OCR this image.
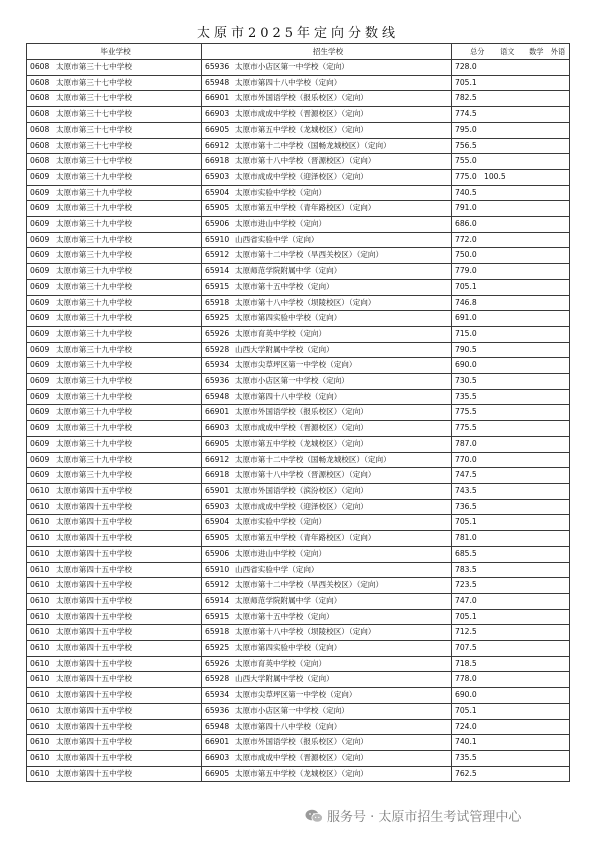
太原市2025年定向分数线
毕业学校	招生学校	总分 语文 数学 外语
0608 太原市第三十七中学校	65936 太原市小店区第一中学校（定向）	728.0
0608 太原市第三十七中学校	65948 太原市第四十八中学校（定向）	705.1
0608 太原市第三十七中学校	66901 太原市外国语学校（报乐校区）（定向）	782.5
0608 太原市第三十七中学校	66903 太原市成成中学校（晋源校区）（定向）	774.5
0608 太原市第三十七中学校	66905 太原市第五中学校（龙城校区）（定向）	795.0
0608 太原市第三十七中学校	66912 太原市第十二中学校（国畅龙城校区）（定向）	756.5
0608 太原市第三十七中学校	66918 太原市第十八中学校（晋源校区）（定向）	755.0
0609 太原市第三十九中学校	65903 太原市成成中学校（迎泽校区）（定向）	775.0 100.5
0609 太原市第三十九中学校	65904 太原市实验中学校（定向）	740.5
0609 太原市第三十九中学校	65905 太原市第五中学校（青年路校区）（定向）	791.0
0609 太原市第三十九中学校	65906 太原市进山中学校（定向）	686.0
0609 太原市第三十九中学校	65910 山西省实验中学（定向）	772.0
0609 太原市第三十九中学校	65912 太原市第十二中学校（旱西关校区）（定向）	750.0
0609 太原市第三十九中学校	65914 太原师范学院附属中学（定向）	779.0
0609 太原市第三十九中学校	65915 太原市第十五中学校（定向）	705.1
0609 太原市第三十九中学校	65918 太原市第十八中学校（坝陵校区）（定向）	746.8
0609 太原市第三十九中学校	65925 太原市第四实验中学校（定向）	691.0
0609 太原市第三十九中学校	65926 太原市育英中学校（定向）	715.0
0609 太原市第三十九中学校	65928 山西大学附属中学校（定向）	790.5
0609 太原市第三十九中学校	65934 太原市尖草坪区第一中学校（定向）	690.0
0609 太原市第三十九中学校	65936 太原市小店区第一中学校（定向）	730.5
0609 太原市第三十九中学校	65948 太原市第四十八中学校（定向）	735.5
0609 太原市第三十九中学校	66901 太原市外国语学校（报乐校区）（定向）	775.5
0609 太原市第三十九中学校	66903 太原市成成中学校（晋源校区）（定向）	775.5
0609 太原市第三十九中学校	66905 太原市第五中学校（龙城校区）（定向）	787.0
0609 太原市第三十九中学校	66912 太原市第十二中学校（国畅龙城校区）（定向）	770.0
0609 太原市第三十九中学校	66918 太原市第十八中学校（晋源校区）（定向）	747.5
0610 太原市第四十五中学校	65901 太原市外国语学校（滨汾校区）（定向）	743.5
0610 太原市第四十五中学校	65903 太原市成成中学校（迎泽校区）（定向）	736.5
0610 太原市第四十五中学校	65904 太原市实验中学校（定向）	705.1
0610 太原市第四十五中学校	65905 太原市第五中学校（青年路校区）（定向）	781.0
0610 太原市第四十五中学校	65906 太原市进山中学校（定向）	685.5
0610 太原市第四十五中学校	65910 山西省实验中学（定向）	783.5
0610 太原市第四十五中学校	65912 太原市第十二中学校（旱西关校区）（定向）	723.5
0610 太原市第四十五中学校	65914 太原师范学院附属中学（定向）	747.0
0610 太原市第四十五中学校	65915 太原市第十五中学校（定向）	705.1
0610 太原市第四十五中学校	65918 太原市第十八中学校（坝陵校区）（定向）	712.5
0610 太原市第四十五中学校	65925 太原市第四实验中学校（定向）	707.5
0610 太原市第四十五中学校	65926 太原市育英中学校（定向）	718.5
0610 太原市第四十五中学校	65928 山西大学附属中学校（定向）	778.0
0610 太原市第四十五中学校	65934 太原市尖草坪区第一中学校（定向）	690.0
0610 太原市第四十五中学校	65936 太原市小店区第一中学校（定向）	705.1
0610 太原市第四十五中学校	65948 太原市第四十八中学校（定向）	724.0
0610 太原市第四十五中学校	66901 太原市外国语学校（报乐校区）（定向）	740.1
0610 太原市第四十五中学校	66903 太原市成成中学校（晋源校区）（定向）	735.5
0610 太原市第四十五中学校	66905 太原市第五中学校（龙城校区）（定向）	762.5
服务号 · 太原市招生考试管理中心
